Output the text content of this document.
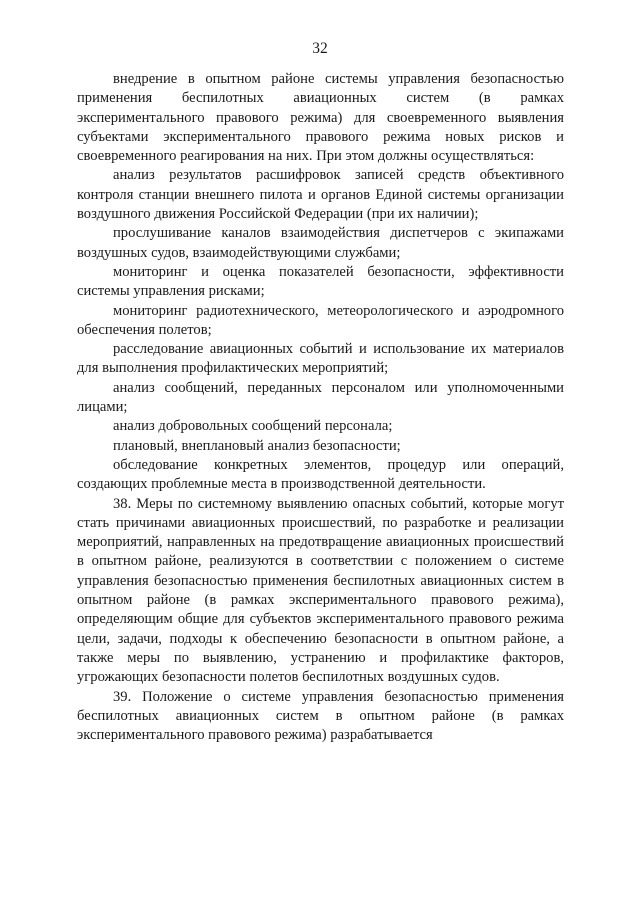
32

внедрение в опытном районе системы управления безопасностью применения беспилотных авиационных систем (в рамках экспериментального правового режима) для своевременного выявления субъектами экспериментального правового режима новых рисков и своевременного реагирования на них. При этом должны осуществляться:

анализ результатов расшифровок записей средств объективного контроля станции внешнего пилота и органов Единой системы организации воздушного движения Российской Федерации (при их наличии);

прослушивание каналов взаимодействия диспетчеров с экипажами воздушных судов, взаимодействующими службами;

мониторинг и оценка показателей безопасности, эффективности системы управления рисками;

мониторинг радиотехнического, метеорологического и аэродромного обеспечения полетов;

расследование авиационных событий и использование их материалов для выполнения профилактических мероприятий;

анализ сообщений, переданных персоналом или уполномоченными лицами;

анализ добровольных сообщений персонала;

плановый, внеплановый анализ безопасности;

обследование конкретных элементов, процедур или операций, создающих проблемные места в производственной деятельности.

38. Меры по системному выявлению опасных событий, которые могут стать причинами авиационных происшествий, по разработке и реализации мероприятий, направленных на предотвращение авиационных происшествий в опытном районе, реализуются в соответствии с положением о системе управления безопасностью применения беспилотных авиационных систем в опытном районе (в рамках экспериментального правового режима), определяющим общие для субъектов экспериментального правового режима цели, задачи, подходы к обеспечению безопасности в опытном районе, а также меры по выявлению, устранению и профилактике факторов, угрожающих безопасности полетов беспилотных воздушных судов.

39. Положение о системе управления безопасностью применения беспилотных авиационных систем в опытном районе (в рамках экспериментального правового режима) разрабатывается
